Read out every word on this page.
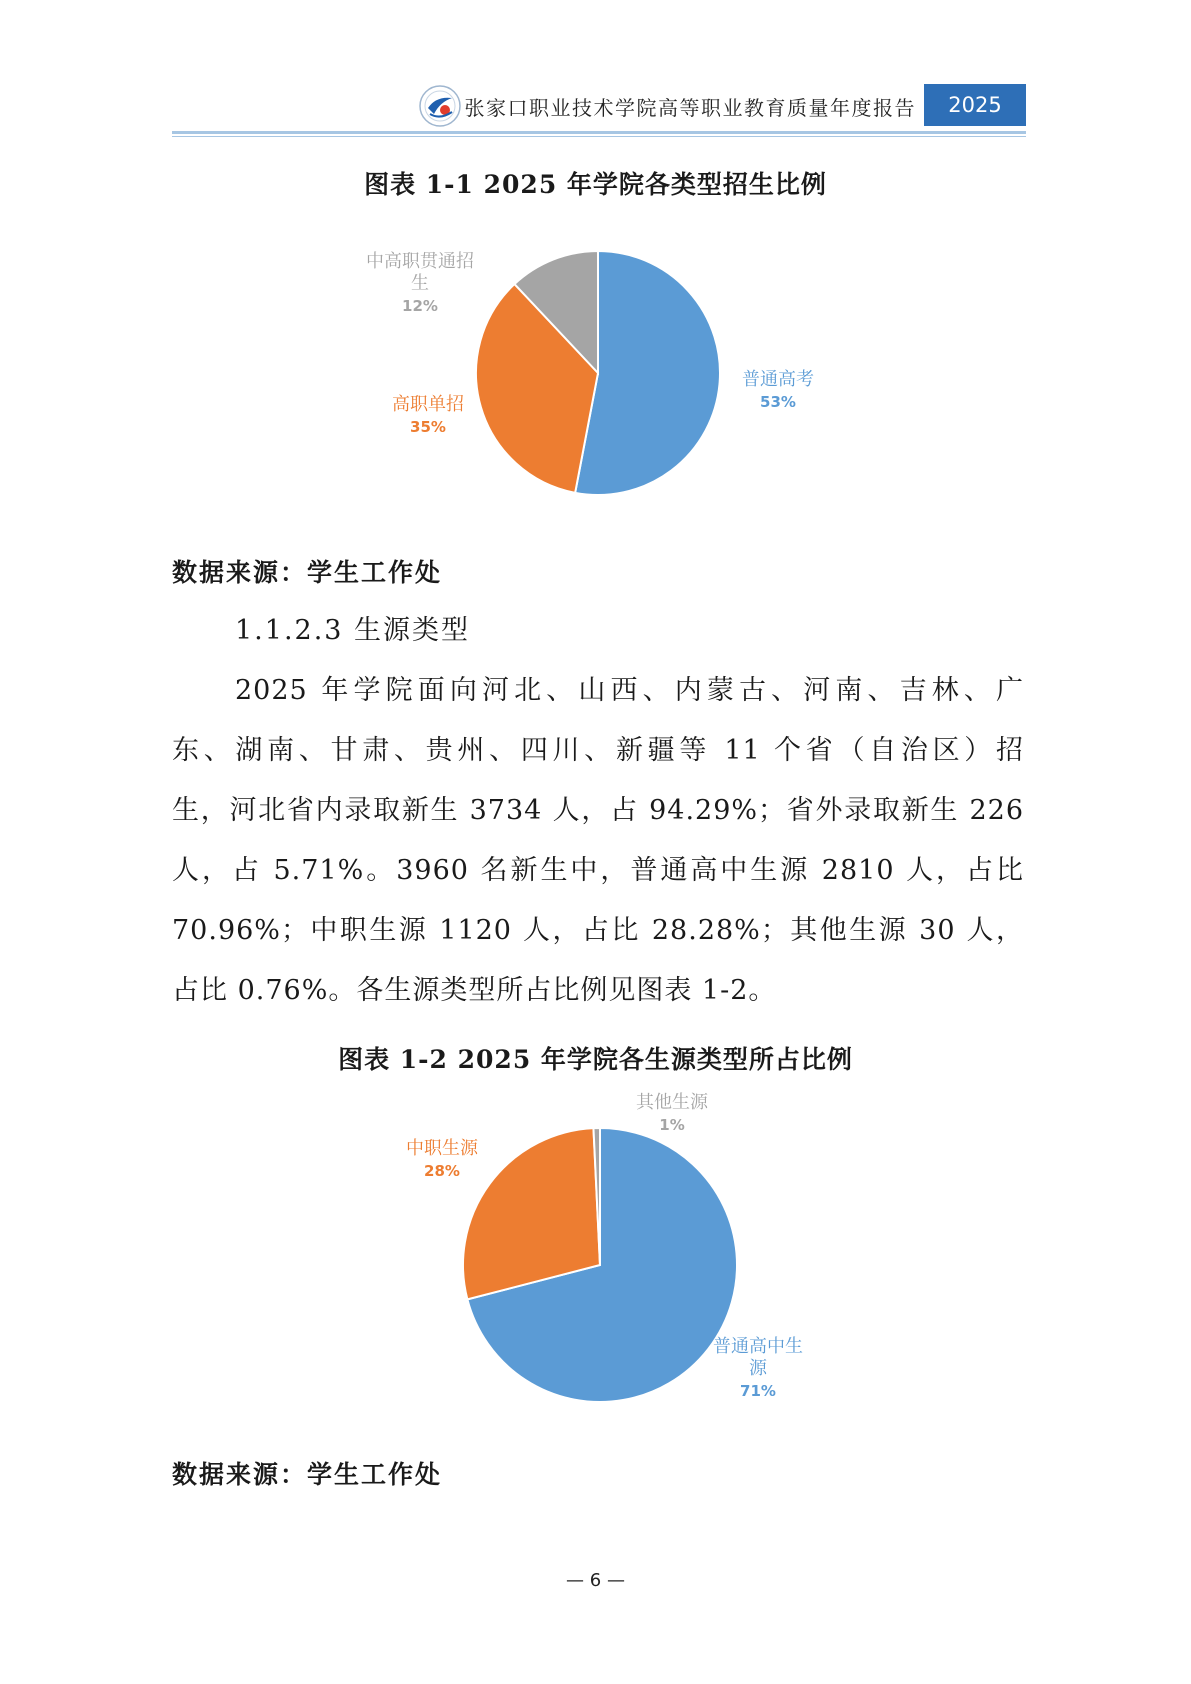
张家口职业技术学院高等职业教育质量年度报告	2025
图表 1-1 2025 年学院各类型招生比例
普通高考
53%
高职单招
35%
中高职贯通招
生
12%
数据来源：学生工作处
1.1.2.3 生源类型
2025 年学院面向河北、山西、内蒙古、河南、吉林、广
东、湖南、甘肃、贵州、四川、新疆等 11 个省（自治区）招
生，河北省内录取新生 3734 人，占 94.29%；省外录取新生 226
人，占 5.71%。3960 名新生中，普通高中生源 2810 人，占比
70.96%；中职生源 1120 人，占比 28.28%；其他生源 30 人，
占比 0.76%。各生源类型所占比例见图表 1-2。
图表 1-2 2025 年学院各生源类型所占比例
普通高中生
源
71%
中职生源
28%
其他生源
1%
数据来源：学生工作处
— 6 —
